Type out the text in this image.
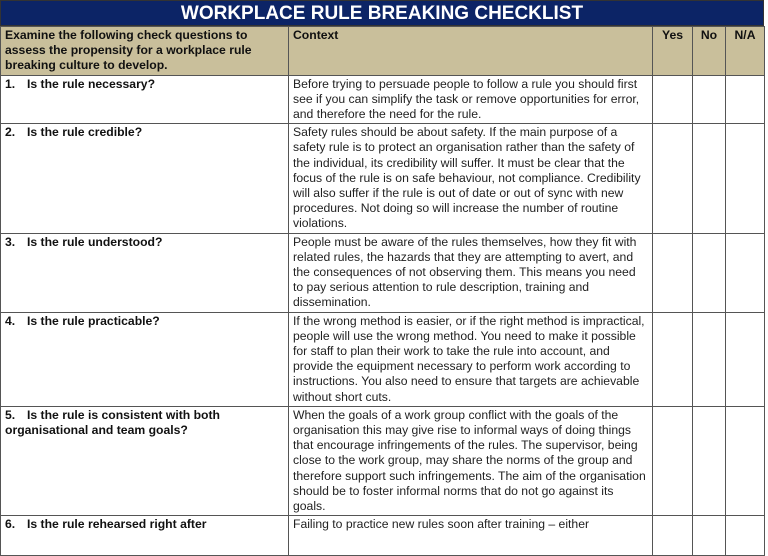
WORKPLACE RULE BREAKING CHECKLIST
Examine the following check questions to assess the propensity for a workplace rule breaking culture to develop.	Context	Yes	No	N/A
1. Is the rule necessary?	Before trying to persuade people to follow a rule you should first see if you can simplify the task or remove opportunities for error, and therefore the need for the rule.			
2. Is the rule credible?	Safety rules should be about safety. If the main purpose of a safety rule is to protect an organisation rather than the safety of the individual, its credibility will suffer. It must be clear that the focus of the rule is on safe behaviour, not compliance. Credibility will also suffer if the rule is out of date or out of sync with new procedures. Not doing so will increase the number of routine violations.			
3. Is the rule understood?	People must be aware of the rules themselves, how they fit with related rules, the hazards that they are attempting to avert, and the consequences of not observing them. This means you need to pay serious attention to rule description, training and dissemination.			
4. Is the rule practicable?	If the wrong method is easier, or if the right method is impractical, people will use the wrong method. You need to make it possible for staff to plan their work to take the rule into account, and provide the equipment necessary to perform work according to instructions. You also need to ensure that targets are achievable without short cuts.			
5. Is the rule is consistent with both organisational and team goals?	When the goals of a work group conflict with the goals of the organisation this may give rise to informal ways of doing things that encourage infringements of the rules. The supervisor, being close to the work group, may share the norms of the group and therefore support such infringements. The aim of the organisation should be to foster informal norms that do not go against its goals.			
6. Is the rule rehearsed right after	Failing to practice new rules soon after training – either			
